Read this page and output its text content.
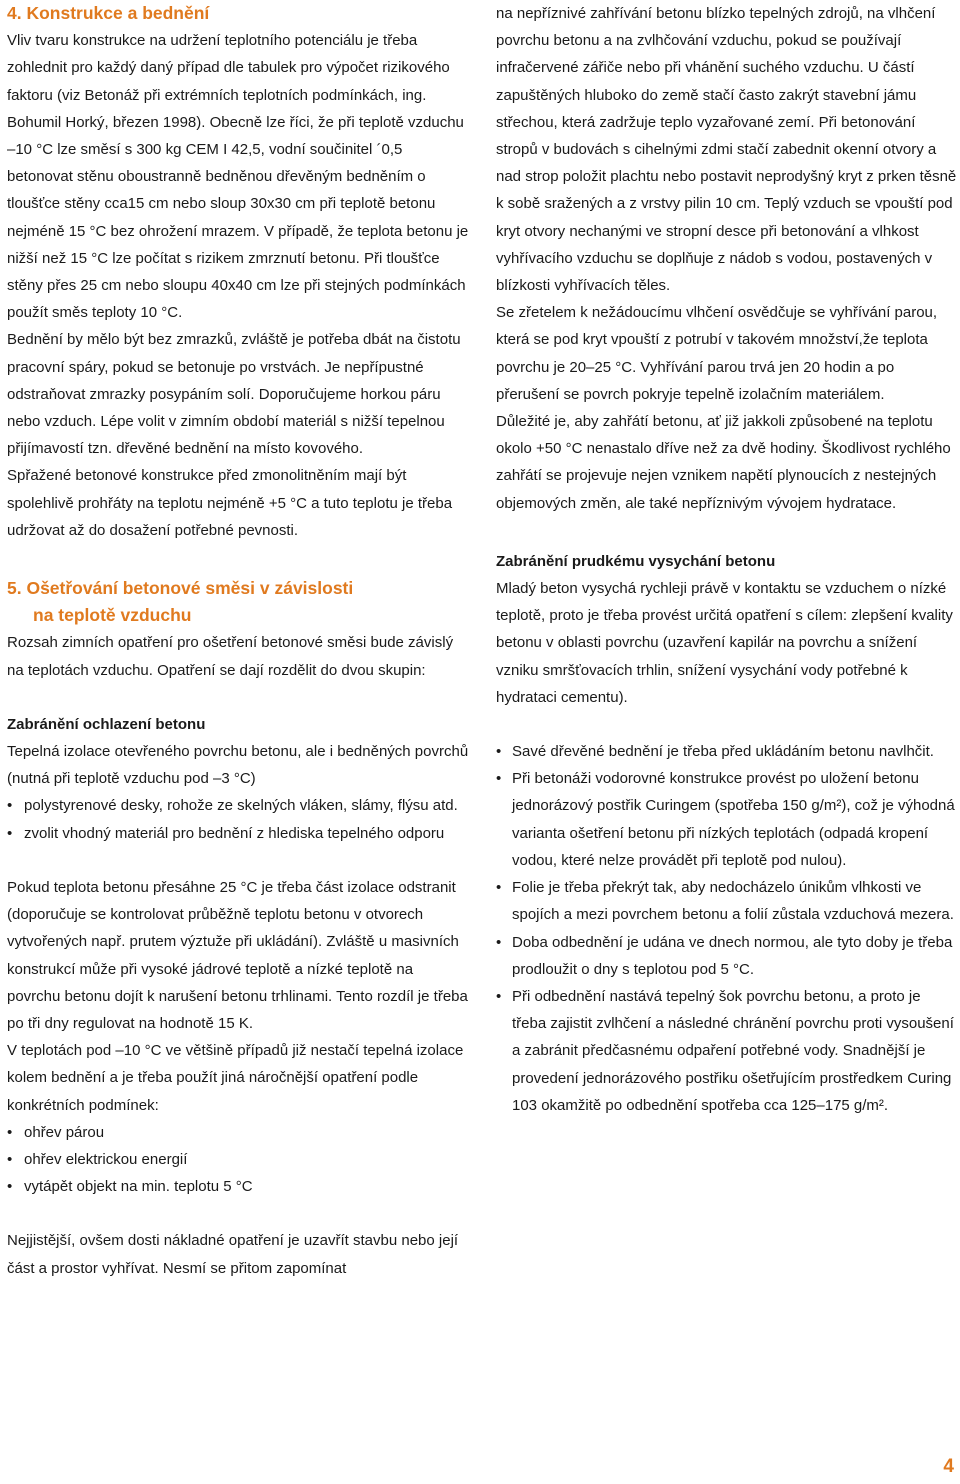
4. Konstrukce a bednění

Vliv tvaru konstrukce na udržení teplotního potenciálu je třeba zohlednit pro každý daný případ dle tabulek pro výpočet rizikového faktoru (viz Betonáž při extrémních teplotních podmínkách, ing. Bohumil Horký, březen 1998). Obecně lze říci, že při teplotě vzduchu –10 °C lze směsí s 300 kg CEM I 42,5, vodní součinitel ´0,5 betonovat stěnu oboustranně bedněnou dřevěným bedněním o tloušťce stěny cca15 cm nebo sloup 30x30 cm při teplotě betonu nejméně 15 °C bez ohrožení mrazem. V případě, že teplota betonu je nižší než 15 °C lze počítat s rizikem zmrznutí betonu. Při tloušťce stěny přes 25 cm nebo sloupu 40x40 cm lze při stejných podmínkách použít směs teploty 10 °C.

Bednění by mělo být bez zmrazků, zvláště je potřeba dbát na čistotu pracovní spáry, pokud se betonuje po vrstvách. Je nepřípustné odstraňovat zmrazky posypáním solí. Doporučujeme horkou páru nebo vzduch. Lépe volit v zimním období materiál s nižší tepelnou přijímavostí tzn. dřevěné bednění na místo kovového.

Spřažené betonové konstrukce před zmonolitněním mají být spolehlivě prohřáty na teplotu nejméně +5 °C a tuto teplotu je třeba udržovat až do dosažení potřebné pevnosti.

5. Ošetřování betonové směsi v závislosti
na teplotě vzduchu

Rozsah zimních opatření pro ošetření betonové směsi bude závislý na teplotách vzduchu. Opatření se dají rozdělit do dvou skupin:

Zabránění ochlazení betonu

Tepelná izolace otevřeného povrchu betonu, ale i bedněných povrchů (nutná při teplotě vzduchu pod –3 °C)

• polystyrenové desky, rohože ze skelných vláken, slámy, flýsu atd.
• zvolit vhodný materiál pro bednění z hlediska tepelného odporu

Pokud teplota betonu přesáhne 25 °C je třeba část izolace odstranit (doporučuje se kontrolovat průběžně teplotu betonu v otvorech vytvořených např. prutem výztuže při ukládání). Zvláště u masivních konstrukcí může při vysoké jádrové teplotě a nízké teplotě na povrchu betonu dojít k narušení betonu trhlinami. Tento rozdíl je třeba po tři dny regulovat na hodnotě 15 K.

V teplotách pod –10 °C ve většině případů již nestačí tepelná izolace kolem bednění a je třeba použít jiná náročnější opatření podle konkrétních podmínek:

• ohřev párou
• ohřev elektrickou energií
• vytápět objekt na min. teplotu 5 °C

Nejjistější, ovšem dosti nákladné opatření je uzavřít stavbu nebo její část a prostor vyhřívat. Nesmí se přitom zapomínat

na nepříznivé zahřívání betonu blízko tepelných zdrojů, na vlhčení povrchu betonu a na zvlhčování vzduchu, pokud se používají infračervené zářiče nebo při vhánění suchého vzduchu. U částí zapuštěných hluboko do země stačí často zakrýt stavební jámu střechou, která zadržuje teplo vyzařované zemí. Při betonování stropů v budovách s cihelnými zdmi stačí zabednit okenní otvory a nad strop položit plachtu nebo postavit neprodyšný kryt z prken těsně k sobě sražených a z vrstvy pilin 10 cm. Teplý vzduch se vpouští pod kryt otvory nechanými ve stropní desce při betonování a vlhkost vyhřívacího vzduchu se doplňuje z nádob s vodou, postavených v blízkosti vyhřívacích těles.

Se zřetelem k nežádoucímu vlhčení osvědčuje se vyhřívání parou, která se pod kryt vpouští z potrubí v takovém množství,že teplota povrchu je 20–25 °C. Vyhřívání parou trvá jen 20 hodin a po přerušení se povrch pokryje tepelně izolačním materiálem.

Důležité je, aby zahřátí betonu, ať již jakkoli způsobené na teplotu okolo +50 °C nenastalo dříve než za dvě hodiny. Škodlivost rychlého zahřátí se projevuje nejen vznikem napětí plynoucích z nestejných objemových změn, ale také nepříznivým vývojem hydratace.

Zabránění prudkému vysychání betonu

Mladý beton vysychá rychleji právě v kontaktu se vzduchem o nízké teplotě, proto je třeba provést určitá opatření s cílem: zlepšení kvality betonu v oblasti povrchu (uzavření kapilár na povrchu a snížení vzniku smršťovacích trhlin, snížení vysychání vody potřebné k hydrataci cementu).

• Savé dřevěné bednění je třeba před ukládáním betonu navlhčit.
• Při betonáži vodorovné konstrukce provést po uložení betonu jednorázový postřik Curingem (spotřeba 150 g/m²), což je výhodná varianta ošetření betonu při nízkých teplotách (odpadá kropení vodou, které nelze provádět při teplotě pod nulou).
• Folie je třeba překrýt tak, aby nedocházelo únikům vlhkosti ve spojích a mezi povrchem betonu a folií zůstala vzduchová mezera.
• Doba odbednění je udána ve dnech normou, ale tyto doby je třeba prodloužit o dny s teplotou pod 5 °C.
• Při odbednění nastává tepelný šok povrchu betonu, a proto je třeba zajistit zvlhčení a následné chránění povrchu proti vysoušení a zabránit předčasnému odpaření potřebné vody. Snadnější je provedení jednorázového postřiku ošetřujícím prostředkem Curing 103 okamžitě po odbednění spotřeba cca 125–175 g/m².
4
